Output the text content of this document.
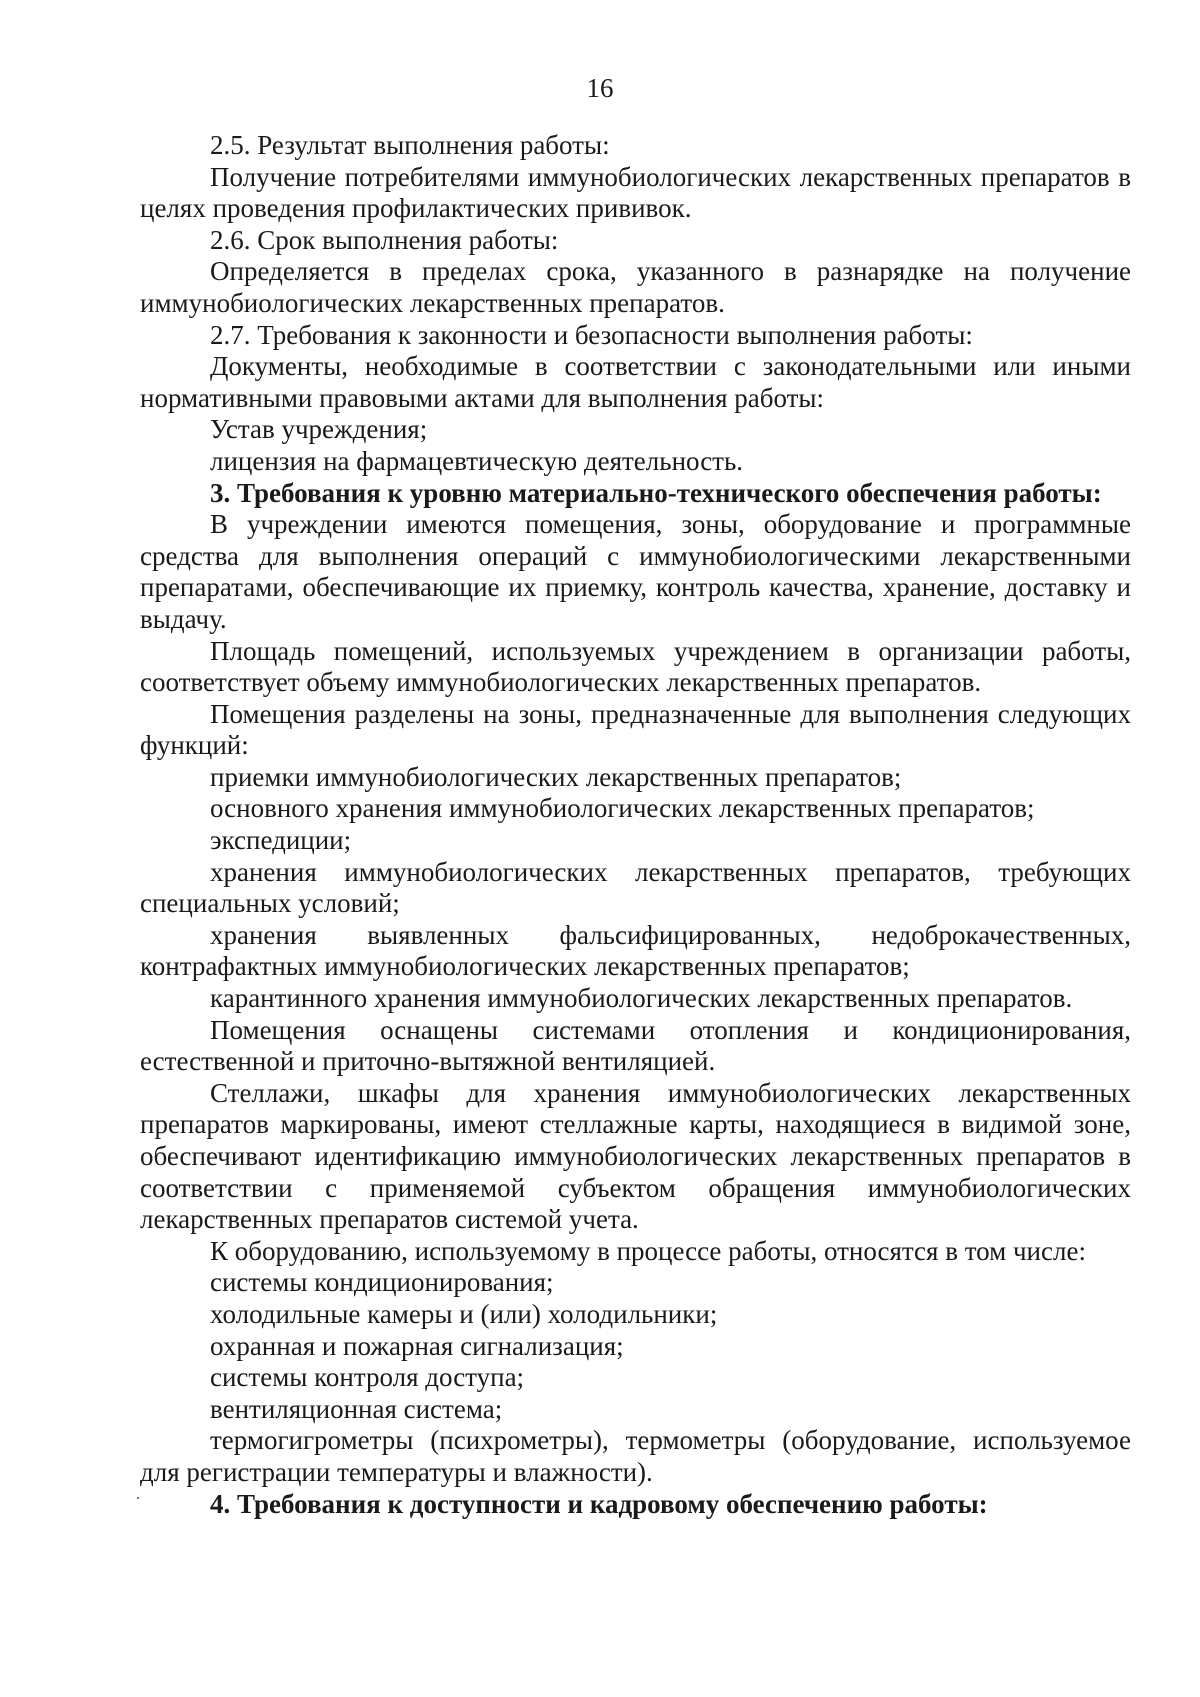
16

2.5. Результат выполнения работы:

Получение потребителями иммунобиологических лекарственных препаратов в целях проведения профилактических прививок.

2.6. Срок выполнения работы:

Определяется в пределах срока, указанного в разнарядке на получение иммунобиологических лекарственных препаратов.

2.7. Требования к законности и безопасности выполнения работы:

Документы, необходимые в соответствии с законодательными или иными нормативными правовыми актами для выполнения работы:

Устав учреждения;

лицензия на фармацевтическую деятельность.

3. Требования к уровню материально-технического обеспечения работы:

В учреждении имеются помещения, зоны, оборудование и программные средства для выполнения операций с иммунобиологическими лекарственными препаратами, обеспечивающие их приемку, контроль качества, хранение, доставку и выдачу.

Площадь помещений, используемых учреждением в организации работы, соответствует объему иммунобиологических лекарственных препаратов.

Помещения разделены на зоны, предназначенные для выполнения следующих функций:

приемки иммунобиологических лекарственных препаратов;

основного хранения иммунобиологических лекарственных препаратов;

экспедиции;

хранения иммунобиологических лекарственных препаратов, требующих специальных условий;

хранения выявленных фальсифицированных, недоброкачественных, контрафактных иммунобиологических лекарственных препаратов;

карантинного хранения иммунобиологических лекарственных препаратов.

Помещения оснащены системами отопления и кондиционирования, естественной и приточно-вытяжной вентиляцией.

Стеллажи, шкафы для хранения иммунобиологических лекарственных препаратов маркированы, имеют стеллажные карты, находящиеся в видимой зоне, обеспечивают идентификацию иммунобиологических лекарственных препаратов в соответствии с применяемой субъектом обращения иммунобиологических лекарственных препаратов системой учета.

К оборудованию, используемому в процессе работы, относятся в том числе:

системы кондиционирования;

холодильные камеры и (или) холодильники;

охранная и пожарная сигнализация;

системы контроля доступа;

вентиляционная система;

термогигрометры (психрометры), термометры (оборудование, используемое для регистрации температуры и влажности).

4. Требования к доступности и кадровому обеспечению работы:
